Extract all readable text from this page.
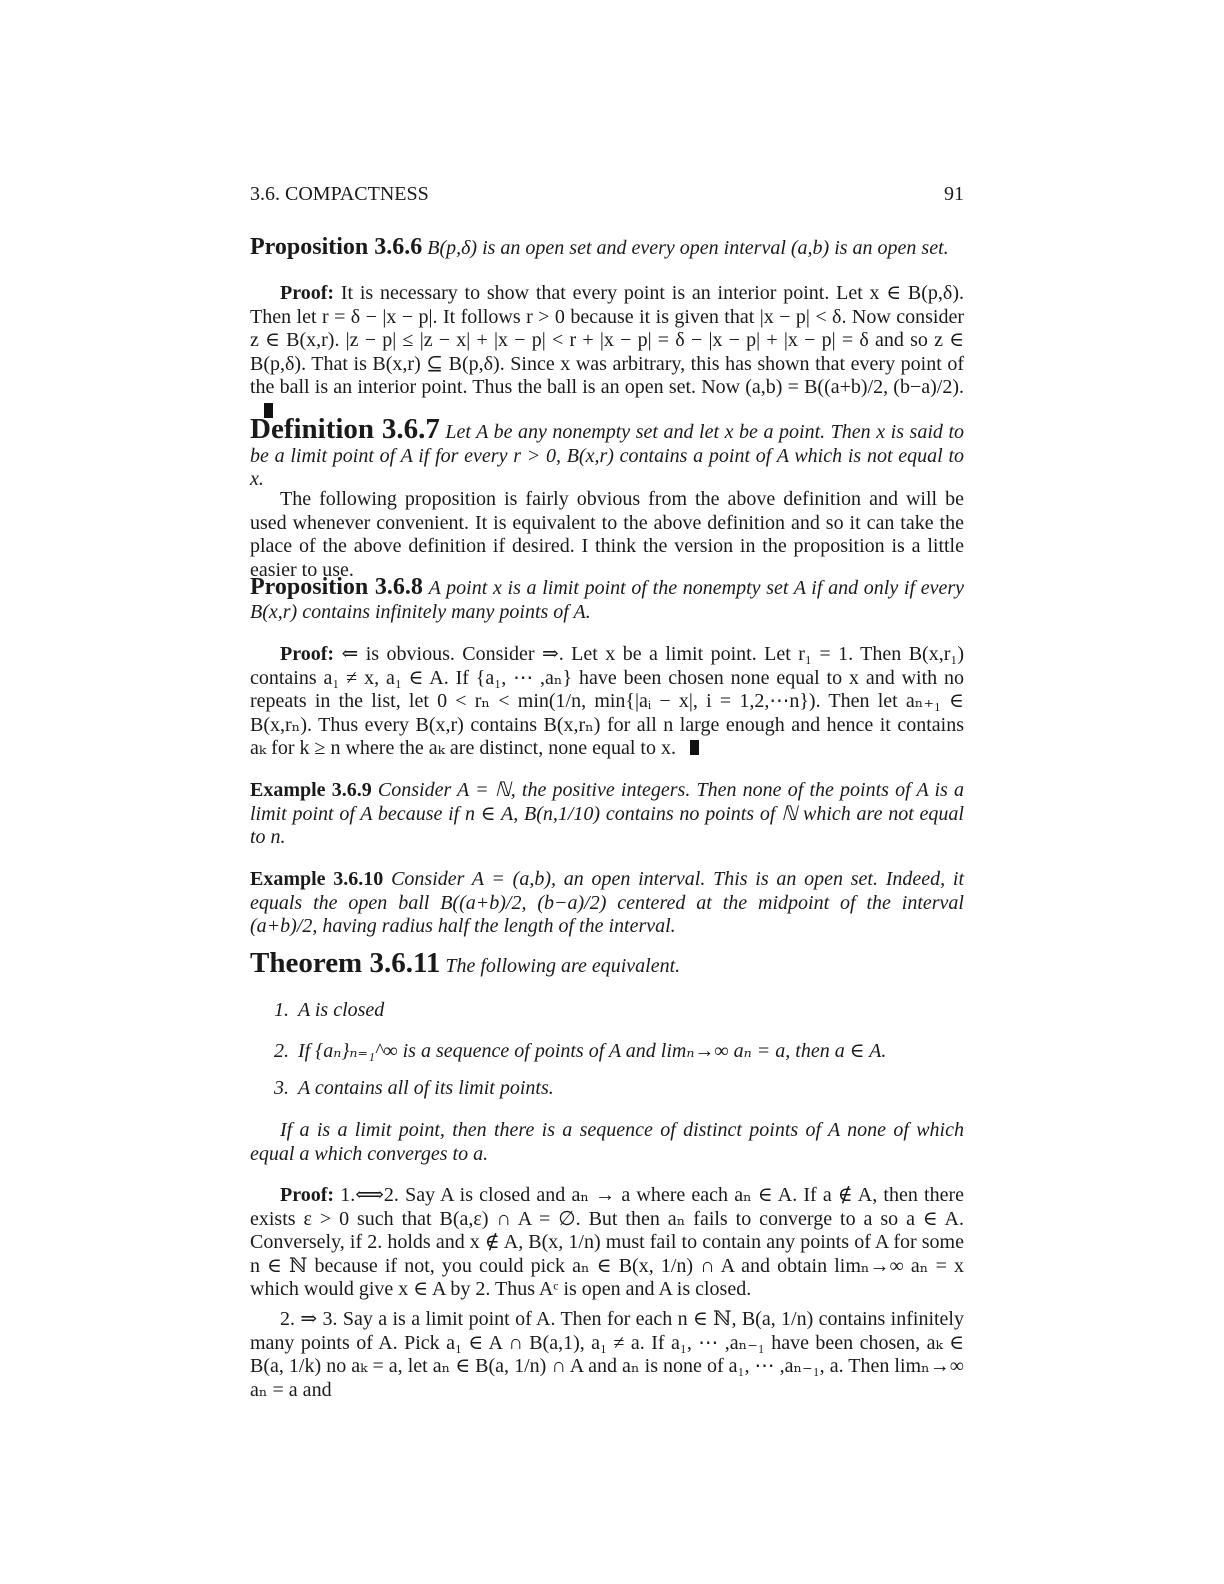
3.6. COMPACTNESS	91
Proposition 3.6.6 B(p,δ) is an open set and every open interval (a,b) is an open set.
Proof: It is necessary to show that every point is an interior point. Let x ∈ B(p,δ). Then let r = δ − |x − p|. It follows r > 0 because it is given that |x − p| < δ. Now consider z ∈ B(x,r). |z − p| ≤ |z − x| + |x − p| < r + |x − p| = δ − |x − p| + |x − p| = δ and so z ∈ B(p,δ). That is B(x,r) ⊆ B(p,δ). Since x was arbitrary, this has shown that every point of the ball is an interior point. Thus the ball is an open set. Now (a,b) = B((a+b)/2, (b−a)/2).
Definition 3.6.7 Let A be any nonempty set and let x be a point. Then x is said to be a limit point of A if for every r > 0, B(x,r) contains a point of A which is not equal to x.
The following proposition is fairly obvious from the above definition and will be used whenever convenient. It is equivalent to the above definition and so it can take the place of the above definition if desired. I think the version in the proposition is a little easier to use.
Proposition 3.6.8 A point x is a limit point of the nonempty set A if and only if every B(x,r) contains infinitely many points of A.
Proof: ⇐ is obvious. Consider ⇒. Let x be a limit point. Let r₁ = 1. Then B(x,r₁) contains a₁ ≠ x, a₁ ∈ A. If {a₁, ⋯ ,aₙ} have been chosen none equal to x and with no repeats in the list, let 0 < rₙ < min(1/n, min{|aᵢ − x|, i = 1,2,⋯n}). Then let aₙ₊₁ ∈ B(x,rₙ). Thus every B(x,r) contains B(x,rₙ) for all n large enough and hence it contains aₖ for k ≥ n where the aₖ are distinct, none equal to x.
Example 3.6.9 Consider A = ℕ, the positive integers. Then none of the points of A is a limit point of A because if n ∈ A, B(n,1/10) contains no points of ℕ which are not equal to n.
Example 3.6.10 Consider A = (a,b), an open interval. This is an open set. Indeed, it equals the open ball B((a+b)/2, (b−a)/2) centered at the midpoint of the interval (a+b)/2, having radius half the length of the interval.
Theorem 3.6.11 The following are equivalent.
1. A is closed
2. If {aₙ}ₙ₌₁^∞ is a sequence of points of A and limₙ→∞ aₙ = a, then a ∈ A.
3. A contains all of its limit points.
If a is a limit point, then there is a sequence of distinct points of A none of which equal a which converges to a.
Proof: 1.⟺2. Say A is closed and aₙ → a where each aₙ ∈ A. If a ∉ A, then there exists ε > 0 such that B(a,ε) ∩ A = ∅. But then aₙ fails to converge to a so a ∈ A. Conversely, if 2. holds and x ∉ A, B(x, 1/n) must fail to contain any points of A for some n ∈ ℕ because if not, you could pick aₙ ∈ B(x, 1/n) ∩ A and obtain limₙ→∞ aₙ = x which would give x ∈ A by 2. Thus Aᶜ is open and A is closed.
2. ⇒ 3. Say a is a limit point of A. Then for each n ∈ ℕ, B(a, 1/n) contains infinitely many points of A. Pick a₁ ∈ A ∩ B(a,1), a₁ ≠ a. If a₁, ⋯ ,aₙ₋₁ have been chosen, aₖ ∈ B(a, 1/k) no aₖ = a, let aₙ ∈ B(a, 1/n) ∩ A and aₙ is none of a₁, ⋯ ,aₙ₋₁, a. Then limₙ→∞ aₙ = a and
